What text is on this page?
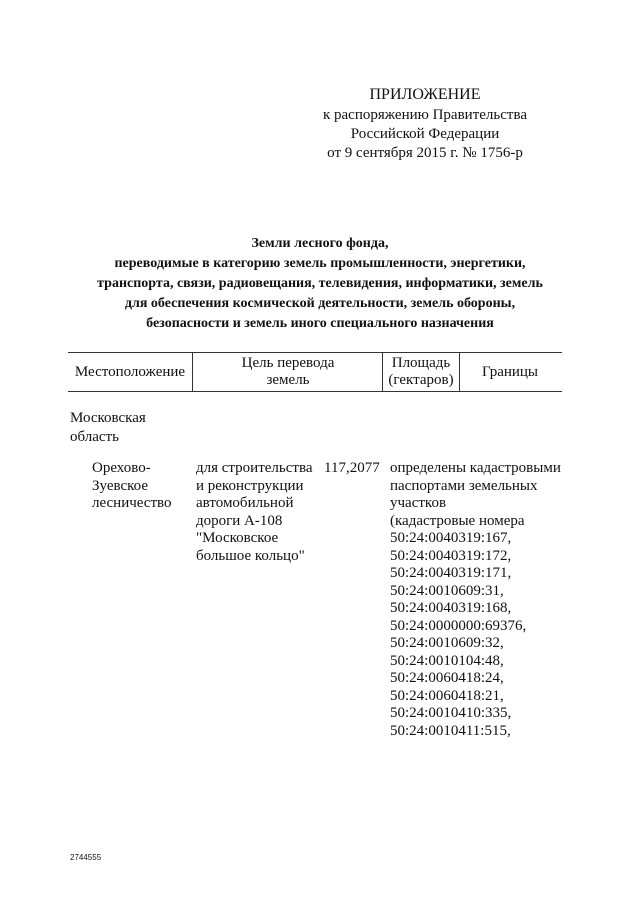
ПРИЛОЖЕНИЕ
к распоряжению Правительства
Российской Федерации
от 9 сентября 2015 г. № 1756-р
Земли лесного фонда,
переводимые в категорию земель промышленности, энергетики,
транспорта, связи, радиовещания, телевидения, информатики, земель
для обеспечения космической деятельности, земель обороны,
безопасности и земель иного специального назначения
Местоположение
Цель перевода
земель
Площадь
(гектаров)
Границы
Московская
область
Орехово-
Зуевское
лесничество
для строительства
и реконструкции
автомобильной
дороги А-108
"Московское
большое кольцо"
117,2077 определены кадастровыми
паспортами земельных
участков
(кадастровые номера
50:24:0040319:167,
50:24:0040319:172,
50:24:0040319:171,
50:24:0010609:31,
50:24:0040319:168,
50:24:0000000:69376,
50:24:0010609:32,
50:24:0010104:48,
50:24:0060418:24,
50:24:0060418:21,
50:24:0010410:335,
50:24:0010411:515,
2744555
